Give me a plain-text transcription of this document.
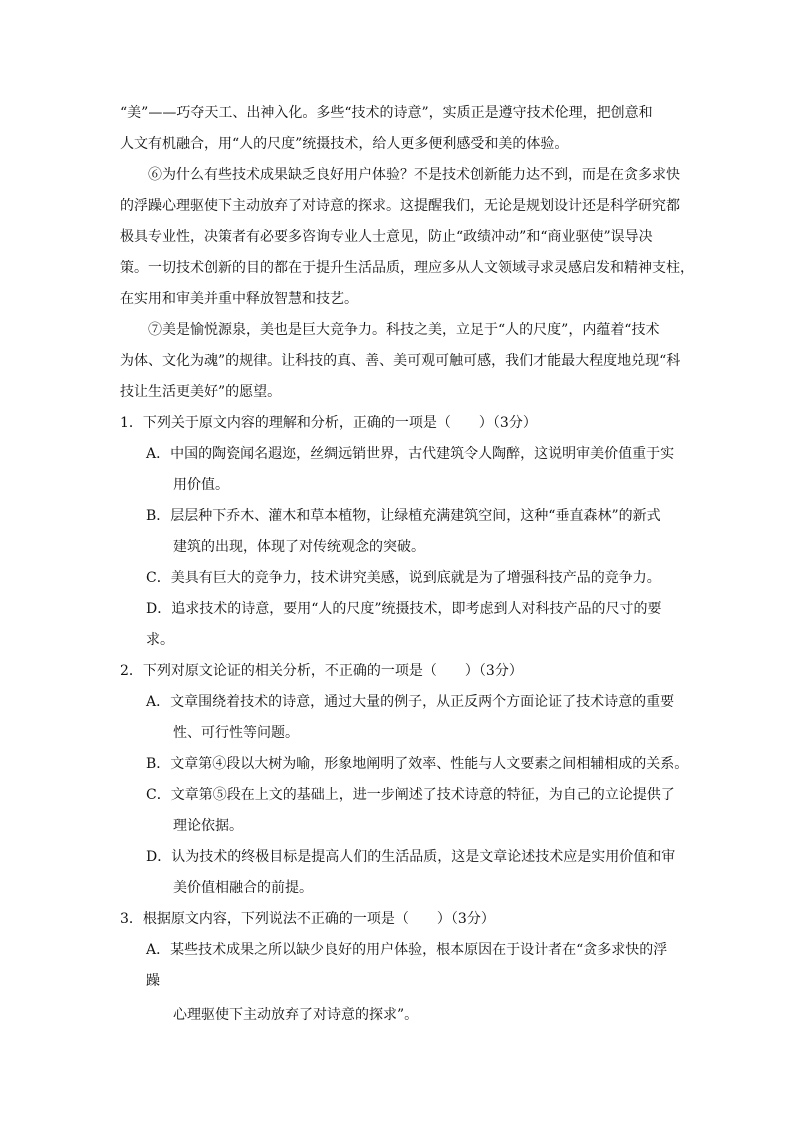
“美”——巧夺天工、出神入化。多些“技术的诗意”，实质正是遵守技术伦理，把创意和
人文有机融合，用“人的尺度”统摄技术，给人更多便利感受和美的体验。
⑥为什么有些技术成果缺乏良好用户体验？不是技术创新能力达不到，而是在贪多求快
的浮躁心理驱使下主动放弃了对诗意的探求。这提醒我们，无论是规划设计还是科学研究都
极具专业性，决策者有必要多咨询专业人士意见，防止“政绩冲动”和“商业驱使”误导决
策。一切技术创新的目的都在于提升生活品质，理应多从人文领域寻求灵感启发和精神支柱，
在实用和审美并重中释放智慧和技艺。
⑦美是愉悦源泉，美也是巨大竞争力。科技之美，立足于“人的尺度”，内蕴着“技术
为体、文化为魂”的规律。让科技的真、善、美可观可触可感，我们才能最大程度地兑现“科
技让生活更美好”的愿望。
1．下列关于原文内容的理解和分析，正确的一项是（　　）（3分）
A．中国的陶瓷闻名遐迩，丝绸远销世界，古代建筑令人陶醉，这说明审美价值重于实
用价值。
B．层层种下乔木、灌木和草本植物，让绿植充满建筑空间，这种“垂直森林”的新式
建筑的出现，体现了对传统观念的突破。
C．美具有巨大的竞争力，技术讲究美感，说到底就是为了增强科技产品的竞争力。
D．追求技术的诗意，要用“人的尺度”统摄技术，即考虑到人对科技产品的尺寸的要
求。
2．下列对原文论证的相关分析，不正确的一项是（　　）（3分）
A．文章围绕着技术的诗意，通过大量的例子，从正反两个方面论证了技术诗意的重要
性、可行性等问题。
B．文章第④段以大树为喻，形象地阐明了效率、性能与人文要素之间相辅相成的关系。
C．文章第⑤段在上文的基础上，进一步阐述了技术诗意的特征，为自己的立论提供了
理论依据。
D．认为技术的终极目标是提高人们的生活品质，这是文章论述技术应是实用价值和审
美价值相融合的前提。
3．根据原文内容，下列说法不正确的一项是（　　）（3分）
A．某些技术成果之所以缺少良好的用户体验，根本原因在于设计者在“贪多求快的浮
躁
心理驱使下主动放弃了对诗意的探求”。
